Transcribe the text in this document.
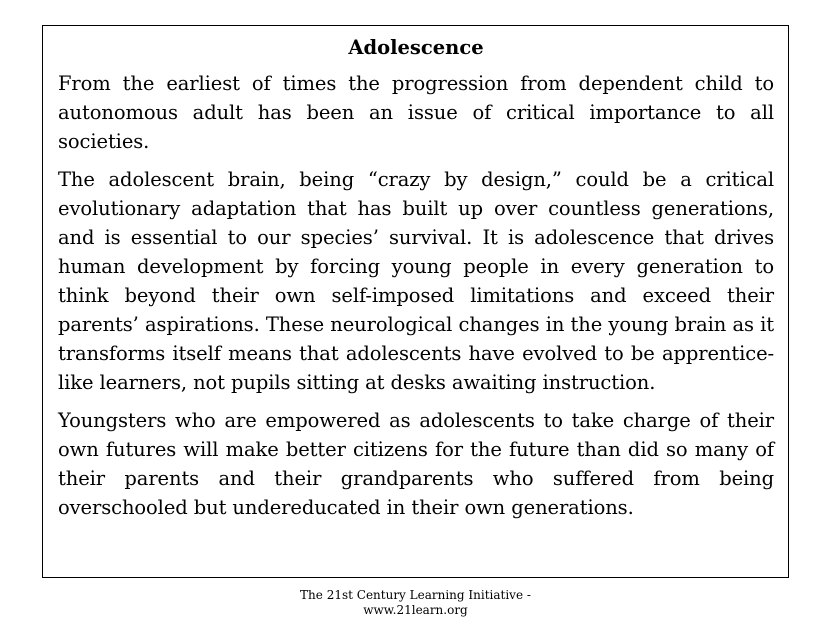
Adolescence

From the earliest of times the progression from dependent child to autonomous adult has been an issue of critical importance to all societies.

The adolescent brain, being “crazy by design,” could be a critical evolutionary adaptation that has built up over countless generations, and is essential to our species’ survival. It is adolescence that drives human development by forcing young people in every generation to think beyond their own self-imposed limitations and exceed their parents’ aspirations. These neurological changes in the young brain as it transforms itself means that adolescents have evolved to be apprentice-like learners, not pupils sitting at desks awaiting instruction.

Youngsters who are empowered as adolescents to take charge of their own futures will make better citizens for the future than did so many of their parents and their grandparents who suffered from being overschooled but undereducated in their own generations.

The 21st Century Learning Initiative -
www.21learn.org
